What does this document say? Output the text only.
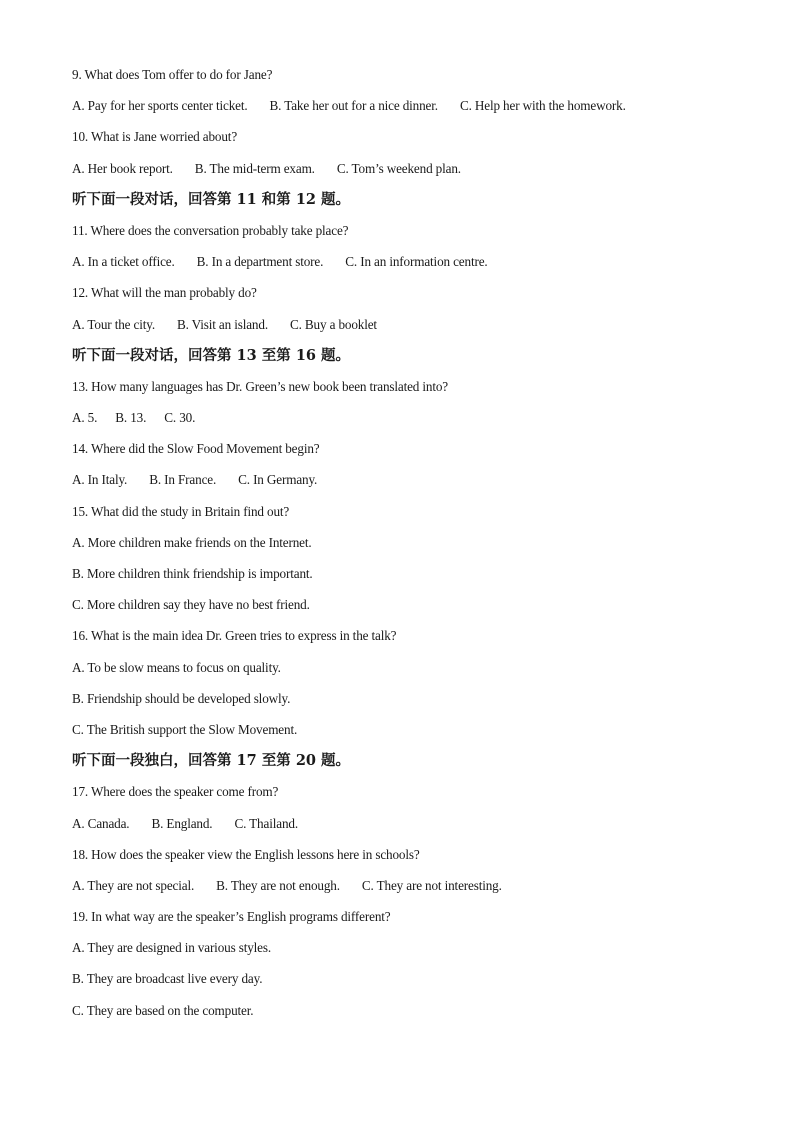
9. What does Tom offer to do for Jane?
A. Pay for her sports center ticket. B. Take her out for a nice dinner. C. Help her with the homework.
10. What is Jane worried about?
A. Her book report. B. The mid-term exam. C. Tom’s weekend plan.
听下面一段对话，回答第 11 和第 12 题。
11. Where does the conversation probably take place?
A. In a ticket office. B. In a department store. C. In an information centre.
12. What will the man probably do?
A. Tour the city. B. Visit an island. C. Buy a booklet
听下面一段对话，回答第 13 至第 16 题。
13. How many languages has Dr. Green’s new book been translated into?
A. 5. B. 13. C. 30.
14. Where did the Slow Food Movement begin?
A. In Italy. B. In France. C. In Germany.
15. What did the study in Britain find out?
A. More children make friends on the Internet.
B. More children think friendship is important.
C. More children say they have no best friend.
16. What is the main idea Dr. Green tries to express in the talk?
A. To be slow means to focus on quality.
B. Friendship should be developed slowly.
C. The British support the Slow Movement.
听下面一段独白，回答第 17 至第 20 题。
17. Where does the speaker come from?
A. Canada. B. England. C. Thailand.
18. How does the speaker view the English lessons here in schools?
A. They are not special. B. They are not enough. C. They are not interesting.
19. In what way are the speaker’s English programs different?
A. They are designed in various styles.
B. They are broadcast live every day.
C. They are based on the computer.
